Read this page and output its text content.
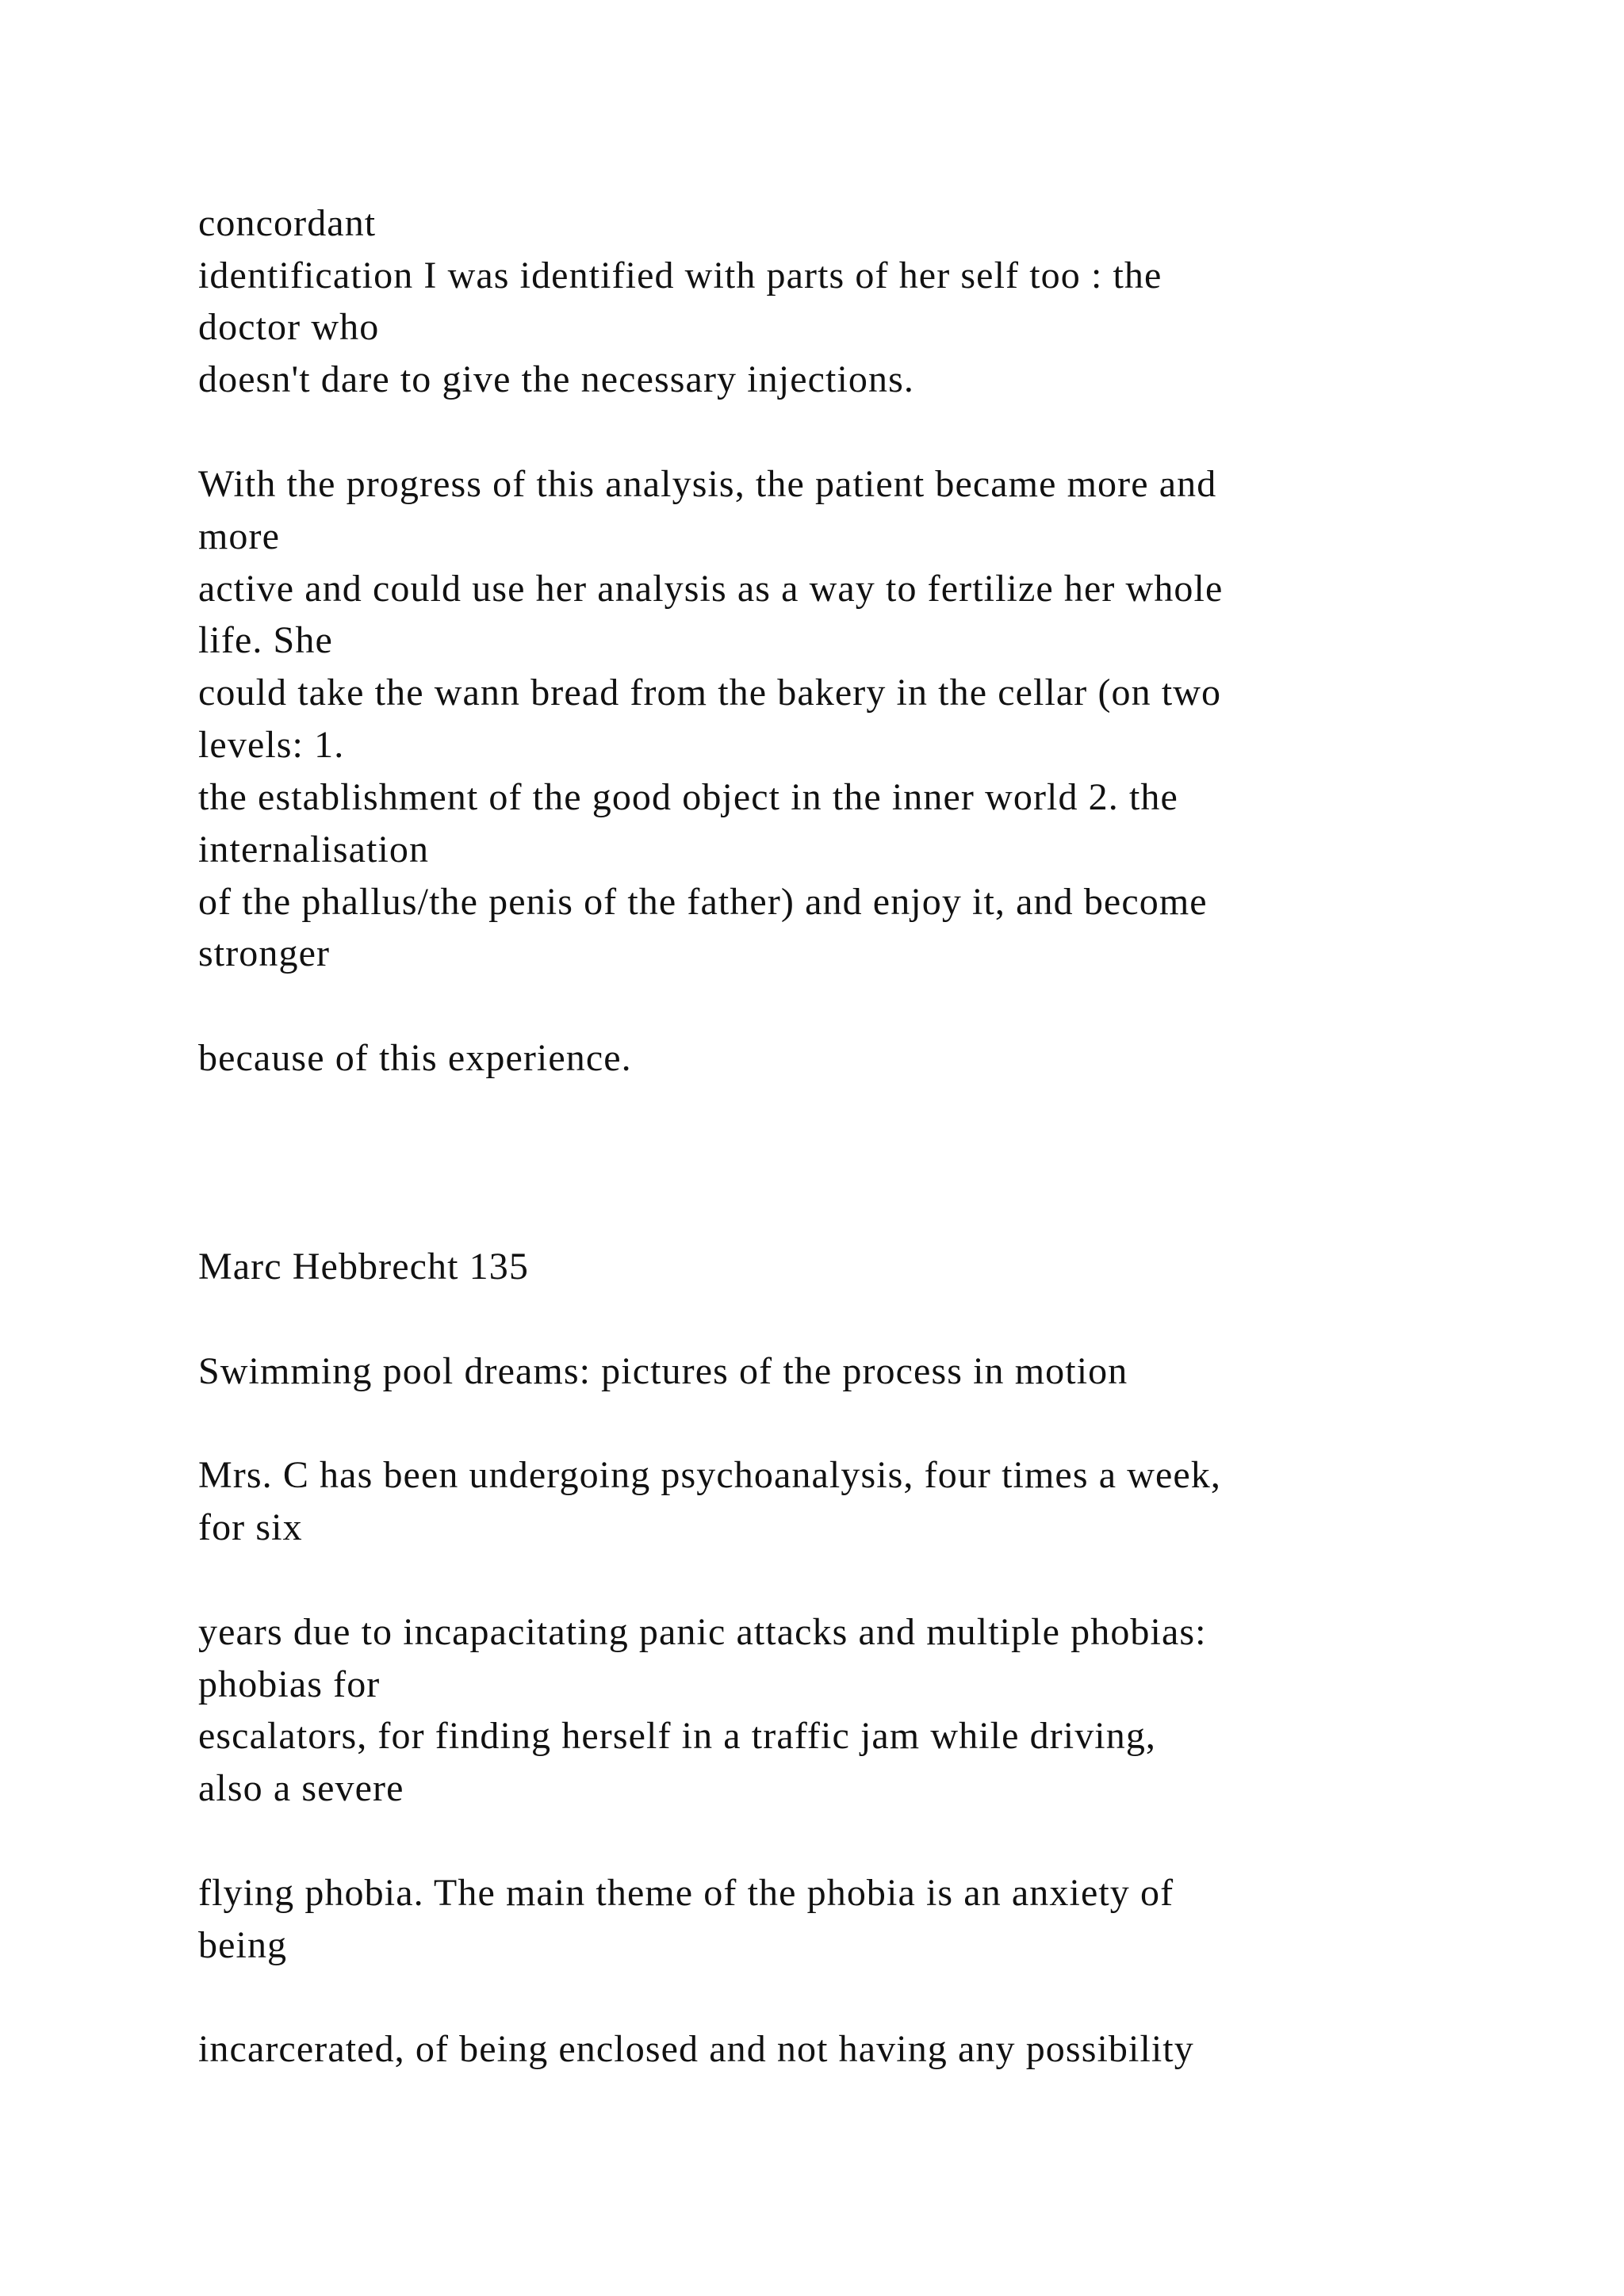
concordant

identification I was identified with parts of her self too : the

doctor who

doesn't dare to give the necessary injections.

With the progress of this analysis, the patient became more and

more

active and could use her analysis as a way to fertilize her whole

life. She

could take the wann bread from the bakery in the cellar (on two

levels: 1.

the establishment of the good object in the inner world 2. the

internalisation

of the phallus/the penis of the father) and enjoy it, and become

stronger

because of this experience.

Marc Hebbrecht 135

Swimming pool dreams: pictures of the process in motion

Mrs. C has been undergoing psychoanalysis, four times a week,

for six

years due to incapacitating panic attacks and multiple phobias:

phobias for

escalators, for finding herself in a traffic jam while driving,

also a severe

flying phobia. The main theme of the phobia is an anxiety of

being

incarcerated, of being enclosed and not having any possibility
